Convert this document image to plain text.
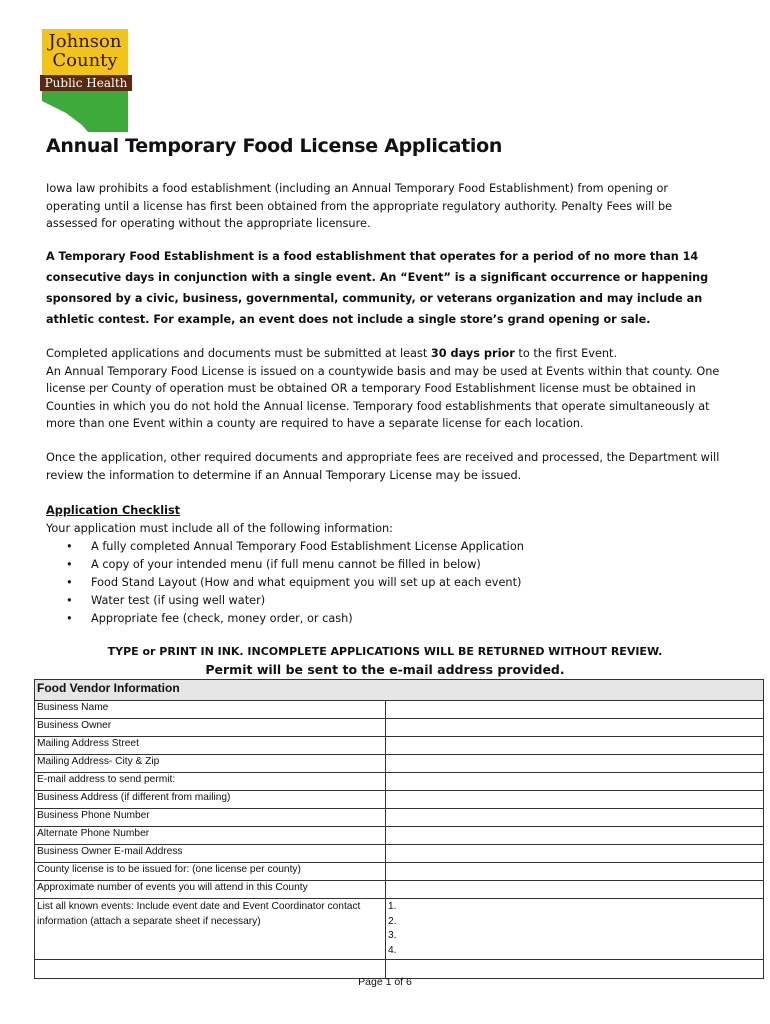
Johnson
County
Public Health
Annual Temporary Food License Application
Iowa law prohibits a food establishment (including an Annual Temporary Food Establishment) from opening or operating until a license has first been obtained from the appropriate regulatory authority. Penalty Fees will be assessed for operating without the appropriate licensure.
A Temporary Food Establishment is a food establishment that operates for a period of no more than 14 consecutive days in conjunction with a single event. An “Event” is a significant occurrence or happening sponsored by a civic, business, governmental, community, or veterans organization and may include an athletic contest. For example, an event does not include a single store’s grand opening or sale.
Completed applications and documents must be submitted at least 30 days prior to the first Event.
An Annual Temporary Food License is issued on a countywide basis and may be used at Events within that county. One license per County of operation must be obtained OR a temporary Food Establishment license must be obtained in Counties in which you do not hold the Annual license. Temporary food establishments that operate simultaneously at more than one Event within a county are required to have a separate license for each location.
Once the application, other required documents and appropriate fees are received and processed, the Department will review the information to determine if an Annual Temporary License may be issued.
Application Checklist
Your application must include all of the following information:
• A fully completed Annual Temporary Food Establishment License Application
• A copy of your intended menu (if full menu cannot be filled in below)
• Food Stand Layout (How and what equipment you will set up at each event)
• Water test (if using well water)
• Appropriate fee (check, money order, or cash)
TYPE or PRINT IN INK. INCOMPLETE APPLICATIONS WILL BE RETURNED WITHOUT REVIEW.
Permit will be sent to the e-mail address provided.
Food Vendor Information	
Business Name	
Business Owner	
Mailing Address Street	
Mailing Address- City & Zip	
E-mail address to send permit:	
Business Address (if different from mailing)	
Business Phone Number	
Alternate Phone Number	
Business Owner E-mail Address	
County license is to be issued for: (one license per county)	
Approximate number of events you will attend in this County	
List all known events: Include event date and Event Coordinator contact information (attach a separate sheet if necessary)	1.
2.
3.
4.

Page 1 of 6
